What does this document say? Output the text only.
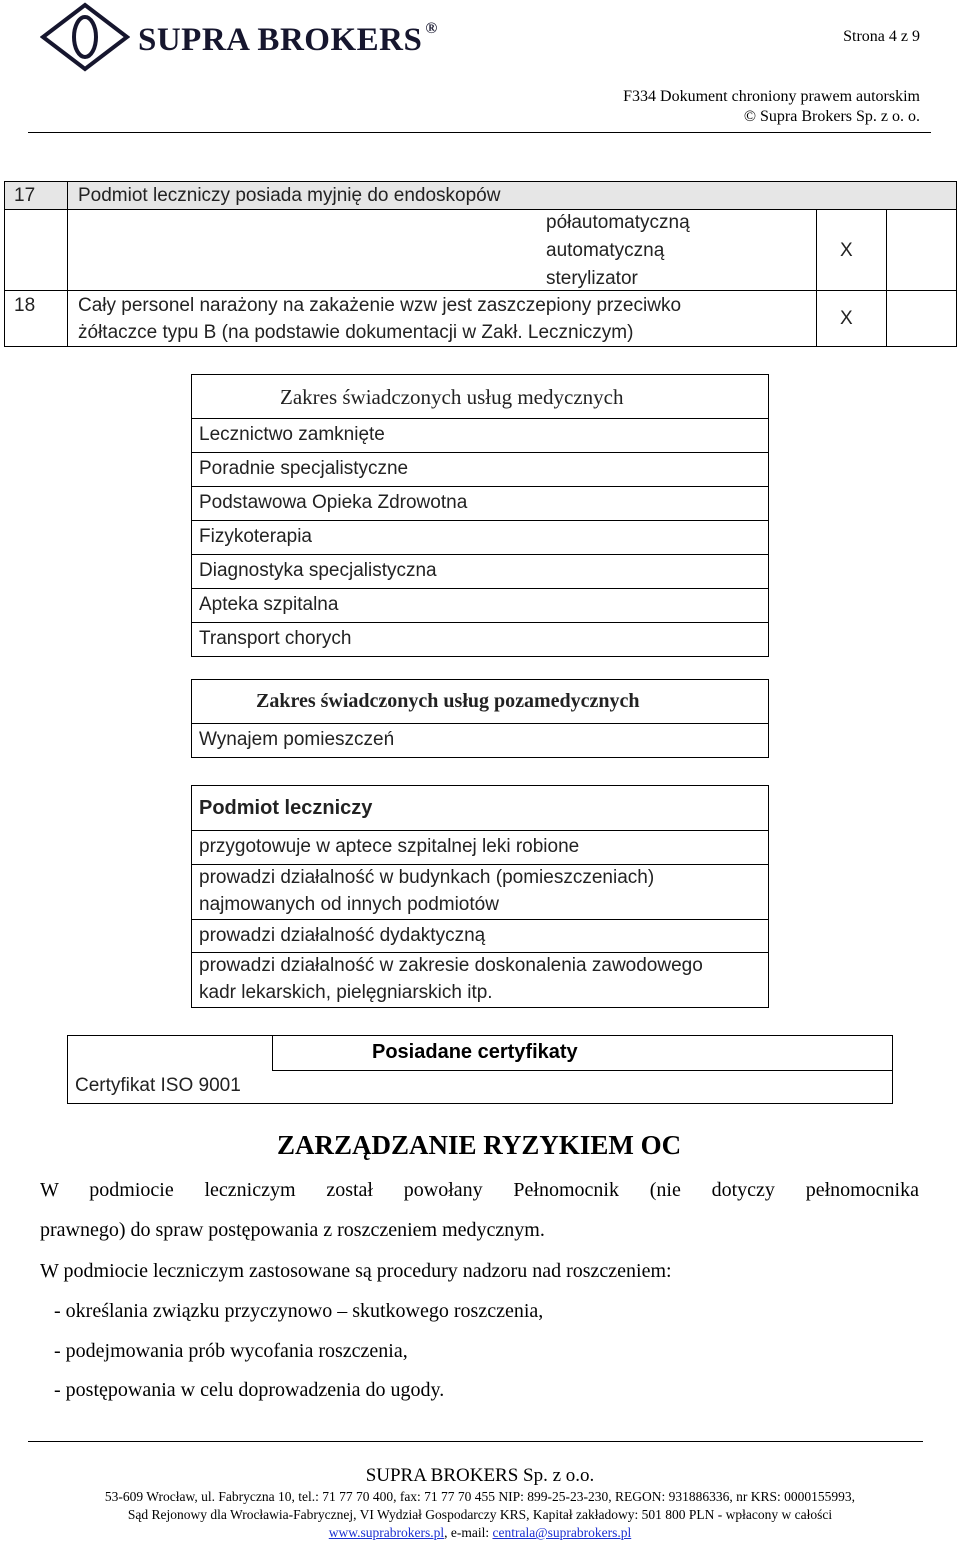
SUPRA BROKERS ®	Strona 4 z 9
F334 Dokument chroniony prawem autorskim
© Supra Brokers Sp. z o. o.
17 Podmiot leczniczy posiada myjnię do endoskopów
półautomatyczną
automatyczną
sterylizator
X
18 Cały personel narażony na zakażenie wzw jest zaszczepiony przeciwko
żółtaczce typu B (na podstawie dokumentacji w Zakł. Leczniczym)
X
Zakres świadczonych usług medycznych
Lecznictwo zamknięte
Poradnie specjalistyczne
Podstawowa Opieka Zdrowotna
Fizykoterapia
Diagnostyka specjalistyczna
Apteka szpitalna
Transport chorych
Zakres świadczonych usług pozamedycznych
Wynajem pomieszczeń
Podmiot leczniczy
przygotowuje w aptece szpitalnej leki robione
prowadzi działalność w budynkach (pomieszczeniach)
najmowanych od innych podmiotów
prowadzi działalność dydaktyczną
prowadzi działalność w zakresie doskonalenia zawodowego
kadr lekarskich, pielęgniarskich itp.
Posiadane certyfikaty
Certyfikat ISO 9001
ZARZĄDZANIE RYZYKIEM OC
W podmiocie leczniczym został powołany Pełnomocnik (nie dotyczy pełnomocnika
prawnego) do spraw postępowania z roszczeniem medycznym.
W podmiocie leczniczym zastosowane są procedury nadzoru nad roszczeniem:
- określania związku przyczynowo – skutkowego roszczenia,
- podejmowania prób wycofania roszczenia,
- postępowania w celu doprowadzenia do ugody.
SUPRA BROKERS Sp. z o.o.
53-609 Wrocław, ul. Fabryczna 10, tel.: 71 77 70 400, fax: 71 77 70 455 NIP: 899-25-23-230, REGON: 931886336, nr KRS: 0000155993,
Sąd Rejonowy dla Wrocławia-Fabrycznej, VI Wydział Gospodarczy KRS, Kapitał zakładowy: 501 800 PLN - wpłacony w całości
www.suprabrokers.pl, e-mail: centrala@suprabrokers.pl
